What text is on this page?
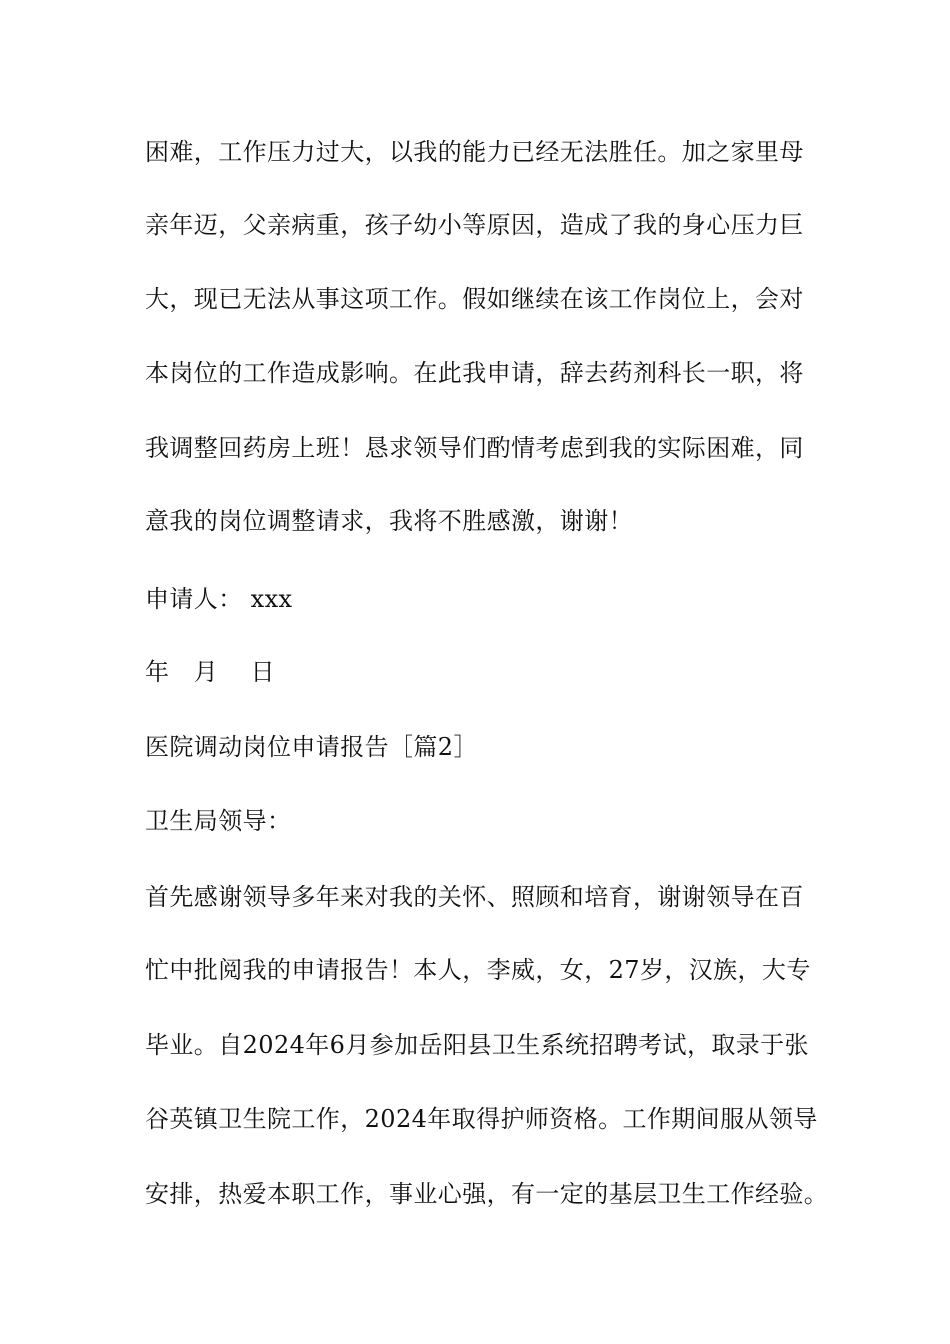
困难，工作压力过大，以我的能力已经无法胜任。加之家里母
亲年迈，父亲病重，孩子幼小等原因，造成了我的身心压力巨
大，现已无法从事这项工作。假如继续在该工作岗位上，会对
本岗位的工作造成影响。在此我申请，辞去药剂科长一职，将
我调整回药房上班！恳求领导们酌情考虑到我的实际困难，同
意我的岗位调整请求，我将不胜感激，谢谢！
申请人： xxx
年　月　 日
医院调动岗位申请报告［篇2］
卫生局领导：
首先感谢领导多年来对我的关怀、照顾和培育，谢谢领导在百
忙中批阅我的申请报告！本人，李威，女，27岁，汉族，大专
毕业。自2024年6月参加岳阳县卫生系统招聘考试，取录于张
谷英镇卫生院工作，2024年取得护师资格。工作期间服从领导
安排，热爱本职工作，事业心强，有一定的基层卫生工作经验。
